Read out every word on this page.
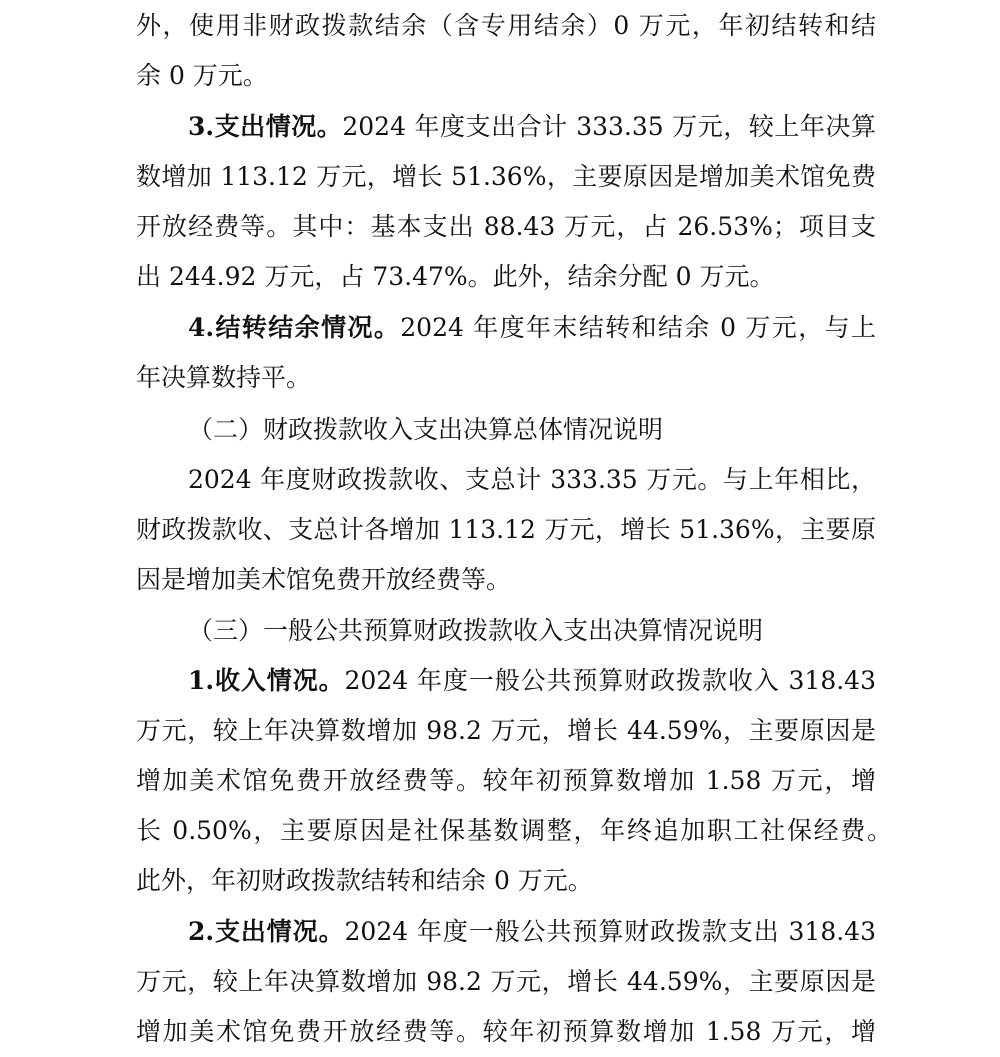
外，使用非财政拨款结余（含专用结余）0 万元，年初结转和结
余 0 万元。
3.支出情况。2024 年度支出合计 333.35 万元，较上年决算
数增加 113.12 万元，增长 51.36%，主要原因是增加美术馆免费
开放经费等。其中：基本支出 88.43 万元，占 26.53%；项目支
出 244.92 万元，占 73.47%。此外，结余分配 0 万元。
4.结转结余情况。2024 年度年末结转和结余 0 万元，与上
年决算数持平。
（二）财政拨款收入支出决算总体情况说明
2024 年度财政拨款收、支总计 333.35 万元。与上年相比，
财政拨款收、支总计各增加 113.12 万元，增长 51.36%，主要原
因是增加美术馆免费开放经费等。
（三）一般公共预算财政拨款收入支出决算情况说明
1.收入情况。2024 年度一般公共预算财政拨款收入 318.43
万元，较上年决算数增加 98.2 万元，增长 44.59%，主要原因是
增加美术馆免费开放经费等。较年初预算数增加 1.58 万元，增
长 0.50%，主要原因是社保基数调整，年终追加职工社保经费。
此外，年初财政拨款结转和结余 0 万元。
2.支出情况。2024 年度一般公共预算财政拨款支出 318.43
万元，较上年决算数增加 98.2 万元，增长 44.59%，主要原因是
增加美术馆免费开放经费等。较年初预算数增加 1.58 万元，增
